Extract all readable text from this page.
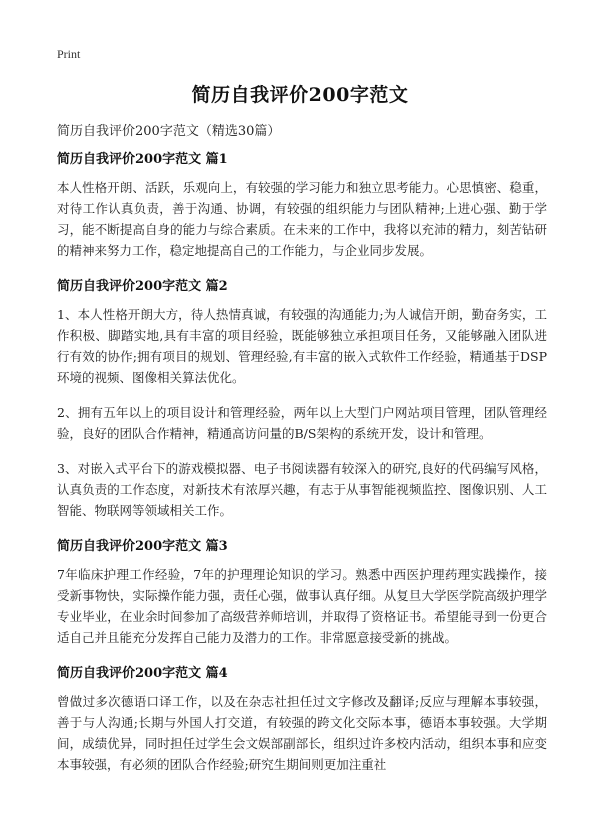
Print
简历自我评价200字范文

简历自我评价200字范文（精选30篇）

简历自我评价200字范文 篇1

本人性格开朗、活跃，乐观向上，有较强的学习能力和独立思考能力。心思慎密、稳重，对待工作认真负责，善于沟通、协调，有较强的组织能力与团队精神;上进心强、勤于学习，能不断提高自身的能力与综合素质。在未来的工作中，我将以充沛的精力，刻苦钻研的精神来努力工作，稳定地提高自己的工作能力，与企业同步发展。

简历自我评价200字范文 篇2

1、本人性格开朗大方，待人热情真诚，有较强的沟通能力;为人诚信开朗，勤奋务实，工作积极、脚踏实地,具有丰富的项目经验，既能够独立承担项目任务，又能够融入团队进行有效的协作;拥有项目的规划、管理经验,有丰富的嵌入式软件工作经验，精通基于DSP环境的视频、图像相关算法优化。

2、拥有五年以上的项目设计和管理经验，两年以上大型门户网站项目管理，团队管理经验，良好的团队合作精神，精通高访问量的B/S架构的系统开发，设计和管理。

3、对嵌入式平台下的游戏模拟器、电子书阅读器有较深入的研究,良好的代码编写风格，认真负责的工作态度，对新技术有浓厚兴趣，有志于从事智能视频监控、图像识别、人工智能、物联网等领域相关工作。

简历自我评价200字范文 篇3

7年临床护理工作经验，7年的护理理论知识的学习。熟悉中西医护理药理实践操作，接受新事物快，实际操作能力强，责任心强，做事认真仔细。从复旦大学医学院高级护理学专业毕业，在业余时间参加了高级营养师培训，并取得了资格证书。希望能寻到一份更合适自己并且能充分发挥自己能力及潜力的工作。非常愿意接受新的挑战。

简历自我评价200字范文 篇4

曾做过多次德语口译工作，以及在杂志社担任过文字修改及翻译;反应与理解本事较强，善于与人沟通;长期与外国人打交道，有较强的跨文化交际本事，德语本事较强。大学期间，成绩优异，同时担任过学生会文娱部副部长，组织过许多校内活动，组织本事和应变本事较强，有必须的团队合作经验;研究生期间则更加注重社
